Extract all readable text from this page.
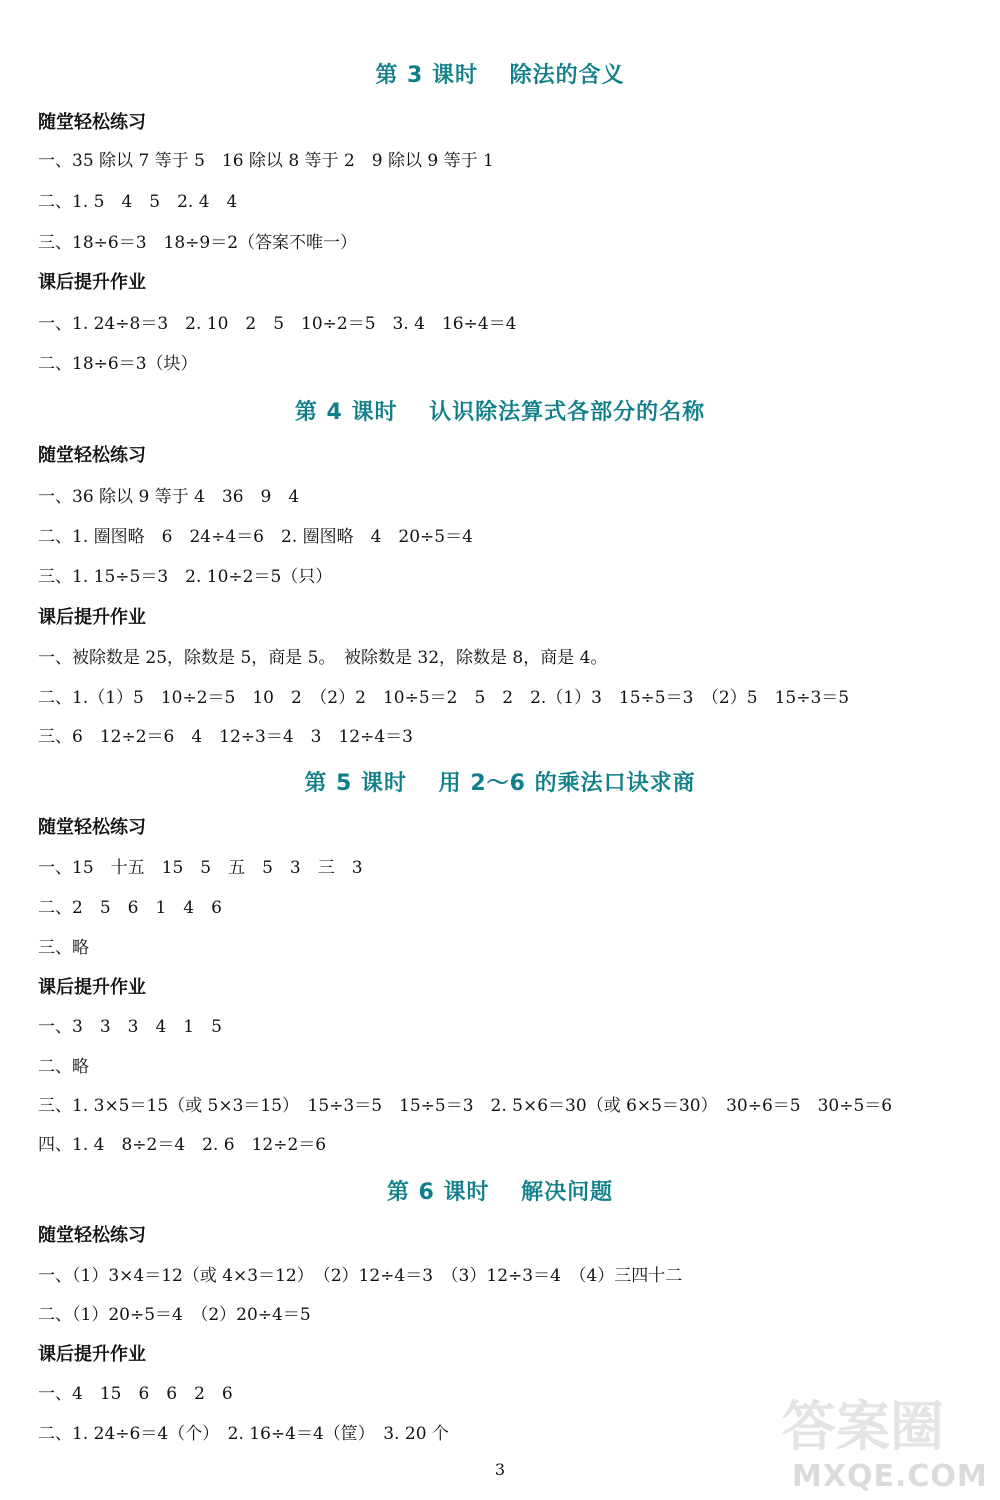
第 3 课时　 除法的含义
随堂轻松练习
一、35 除以 7 等于 5　16 除以 8 等于 2　9 除以 9 等于 1
二、1. 5　4　5　2. 4　4
三、18÷6＝3　18÷9＝2（答案不唯一）
课后提升作业
一、1. 24÷8＝3　2. 10　2　5　10÷2＝5　3. 4　16÷4＝4
二、18÷6＝3（块）
第 4 课时　 认识除法算式各部分的名称
随堂轻松练习
一、36 除以 9 等于 4　36　9　4
二、1. 圈图略　6　24÷4＝6　2. 圈图略　4　20÷5＝4
三、1. 15÷5＝3　2. 10÷2＝5（只）
课后提升作业
一、被除数是 25，除数是 5，商是 5。　被除数是 32，除数是 8，商是 4。
二、1.（1）5　10÷2＝5　10　2　（2）2　10÷5＝2　5　2　2.（1）3　15÷5＝3　（2）5　15÷3＝5
三、6　12÷2＝6　4　12÷3＝4　3　12÷4＝3
第 5 课时　 用 2～6 的乘法口诀求商
随堂轻松练习
一、15　十五　15　5　五　5　3　三　3
二、2　5　6　1　4　6
三、略
课后提升作业
一、3　3　3　4　1　5
二、略
三、1. 3×5＝15（或 5×3＝15）　15÷3＝5　15÷5＝3　2. 5×6＝30（或 6×5＝30）　30÷6＝5　30÷5＝6
四、1. 4　8÷2＝4　2. 6　12÷2＝6
第 6 课时　 解决问题
随堂轻松练习
一、（1）3×4＝12（或 4×3＝12）　（2）12÷4＝3　（3）12÷3＝4　（4）三四十二
二、（1）20÷5＝4　（2）20÷4＝5
课后提升作业
一、4　15　6　6　2　6
二、1. 24÷6＝4（个）　2. 16÷4＝4（筐）　3. 20 个
3
答案圈
MXQE.COM
